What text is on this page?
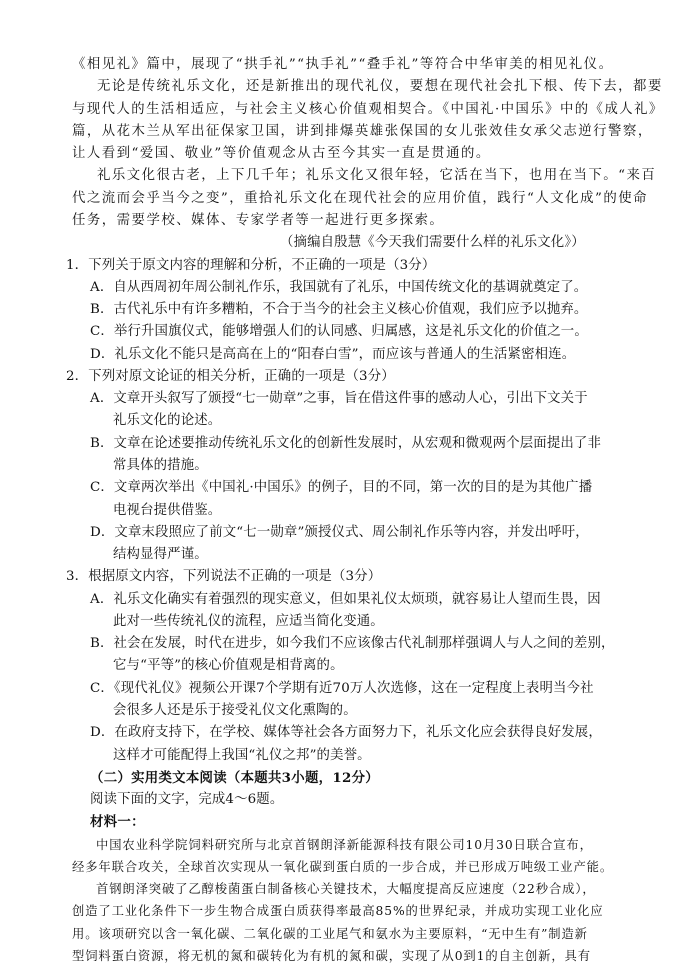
《相见礼》篇中，展现了“拱手礼”“执手礼”“叠手礼”等符合中华审美的相见礼仪。
无论是传统礼乐文化，还是新推出的现代礼仪，要想在现代社会扎下根、传下去，都要
与现代人的生活相适应，与社会主义核心价值观相契合。《中国礼·中国乐》中的《成人礼》
篇，从花木兰从军出征保家卫国，讲到排爆英雄张保国的女儿张效佳女承父志逆行警察，
让人看到“爱国、敬业”等价值观念从古至今其实一直是贯通的。
礼乐文化很古老，上下几千年；礼乐文化又很年轻，它活在当下，也用在当下。“来百
代之流而会乎当今之变”，重拾礼乐文化在现代社会的应用价值，践行“人文化成”的使命
任务，需要学校、媒体、专家学者等一起进行更多探索。
（摘编自殷慧《今天我们需要什么样的礼乐文化》）
1．下列关于原文内容的理解和分析，不正确的一项是（3分）
A．自从西周初年周公制礼作乐，我国就有了礼乐，中国传统文化的基调就奠定了。
B．古代礼乐中有许多糟粕，不合于当今的社会主义核心价值观，我们应予以抛弃。
C．举行升国旗仪式，能够增强人们的认同感、归属感，这是礼乐文化的价值之一。
D．礼乐文化不能只是高高在上的“阳春白雪”，而应该与普通人的生活紧密相连。
2．下列对原文论证的相关分析，正确的一项是（3分）
A．文章开头叙写了颁授“七一勋章”之事，旨在借这件事的感动人心，引出下文关于
礼乐文化的论述。
B．文章在论述要推动传统礼乐文化的创新性发展时，从宏观和微观两个层面提出了非
常具体的措施。
C．文章两次举出《中国礼·中国乐》的例子，目的不同，第一次的目的是为其他广播
电视台提供借鉴。
D．文章末段照应了前文“七一勋章”颁授仪式、周公制礼作乐等内容，并发出呼吁，
结构显得严谨。
3．根据原文内容，下列说法不正确的一项是（3分）
A．礼乐文化确实有着强烈的现实意义，但如果礼仪太烦琐，就容易让人望而生畏，因
此对一些传统礼仪的流程，应适当简化变通。
B．社会在发展，时代在进步，如今我们不应该像古代礼制那样强调人与人之间的差别，
它与“平等”的核心价值观是相背离的。
C．《现代礼仪》视频公开课7个学期有近70万人次选修，这在一定程度上表明当今社
会很多人还是乐于接受礼仪文化熏陶的。
D．在政府支持下，在学校、媒体等社会各方面努力下，礼乐文化应会获得良好发展，
这样才可能配得上我国“礼仪之邦”的美誉。
（二）实用类文本阅读（本题共3小题，12分）
阅读下面的文字，完成4～6题。
材料一：
中国农业科学院饲料研究所与北京首钢朗泽新能源科技有限公司10月30日联合宣布，
经多年联合攻关，全球首次实现从一氧化碳到蛋白质的一步合成，并已形成万吨级工业产能。
首钢朗泽突破了乙醇梭菌蛋白制备核心关键技术，大幅度提高反应速度（22秒合成），
创造了工业化条件下一步生物合成蛋白质获得率最高85%的世界纪录，并成功实现工业化应
用。该项研究以含一氧化碳、二氧化碳的工业尾气和氨水为主要原料，“无中生有”制造新
型饲料蛋白资源，将无机的氮和碳转化为有机的氮和碳，实现了从0到1的自主创新，具有
